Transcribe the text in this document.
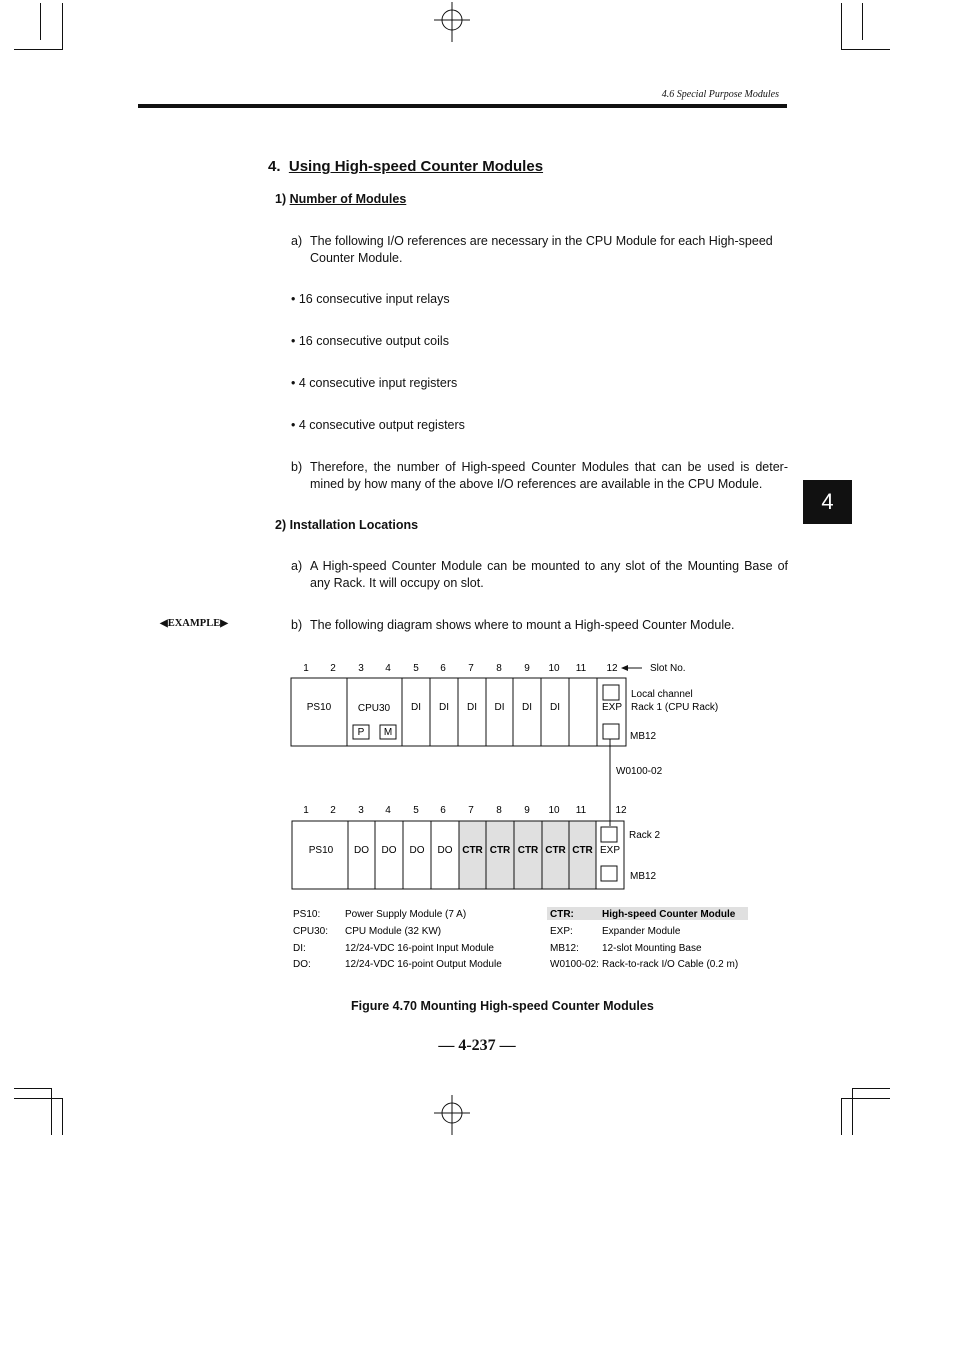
4.6 Special Purpose Modules
4
4. Using High-speed Counter Modules
1) Number of Modules
a) The following I/O references are necessary in the CPU Module for each High-speed
Counter Module.
• 16 consecutive input relays
• 16 consecutive output coils
• 4 consecutive input registers
• 4 consecutive output registers
b) Therefore, the number of High-speed Counter Modules that can be used is deter-
mined by how many of the above I/O references are available in the CPU Module.
2) Installation Locations
a) A High-speed Counter Module can be mounted to any slot of the Mounting Base of
any Rack. It will occupy on slot.
◀EXAMPLE▶	b) The following diagram shows where to mount a High-speed Counter Module.
1 2 3 4 5 6 7 8 9 10 11 12	Slot No.
PS10	CPU30
P M
DI DI DI DI DI DI	EXP
Local channel
Rack 1 (CPU Rack)
MB12
W0100-02
1 2 3 4 5 6 7 8 9 10 11	12
PS10 DO DO DO DO CTR CTR CTR CTR CTR EXP
Rack 2
MB12
PS10: Power Supply Module (7 A)
CPU30: CPU Module (32 KW)
DI:	12/24-VDC 16-point Input Module
DO:	12/24-VDC 16-point Output Module
CTR:	High-speed Counter Module
EXP:	Expander Module
MB12: 12-slot Mounting Base
W0100-02: Rack-to-rack I/O Cable (0.2 m)
Figure 4.70 Mounting High-speed Counter Modules
— 4-237 —
